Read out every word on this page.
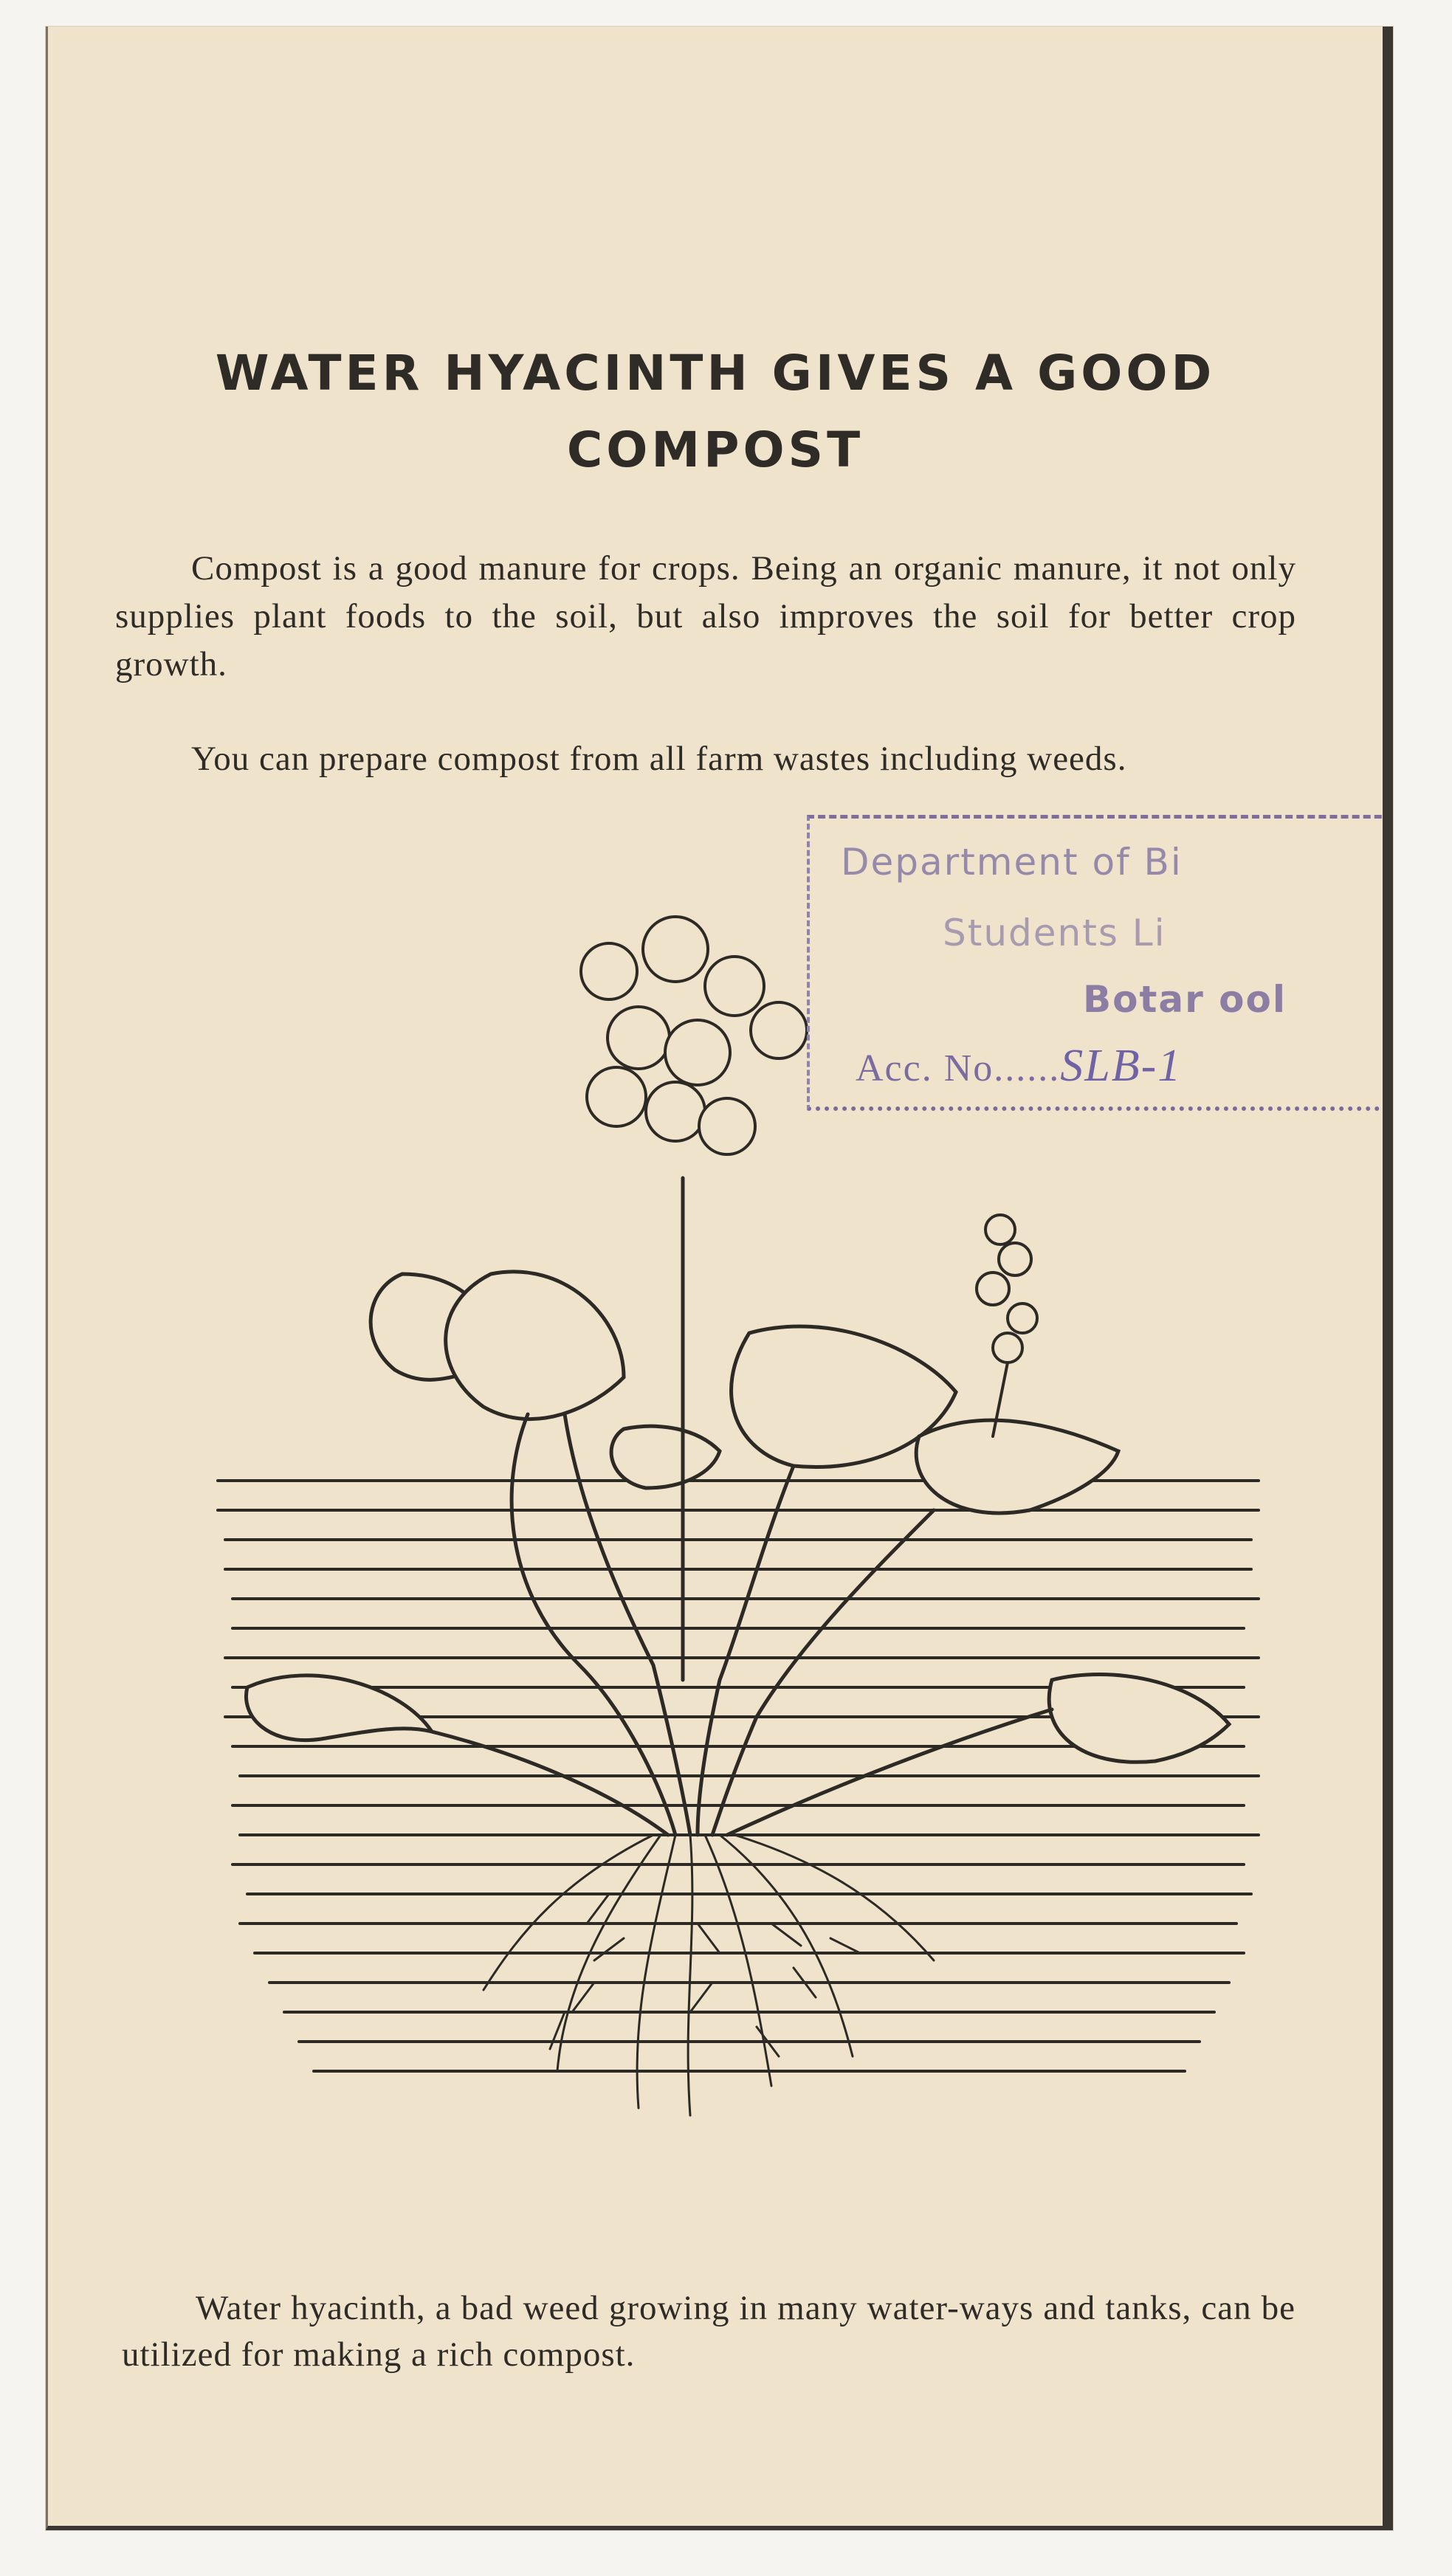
WATER HYACINTH GIVES A GOOD
COMPOST
Compost is a good manure for crops. Being an organic manure, it not only supplies plant foods to the soil, but also improves the soil for better crop growth.
You can prepare compost from all farm wastes including weeds.
Department of Bi
Students Li
Botar ool
Acc. No......SLB-1
Water hyacinth, a bad weed growing in many water-ways and tanks, can be utilized for making a rich compost.
